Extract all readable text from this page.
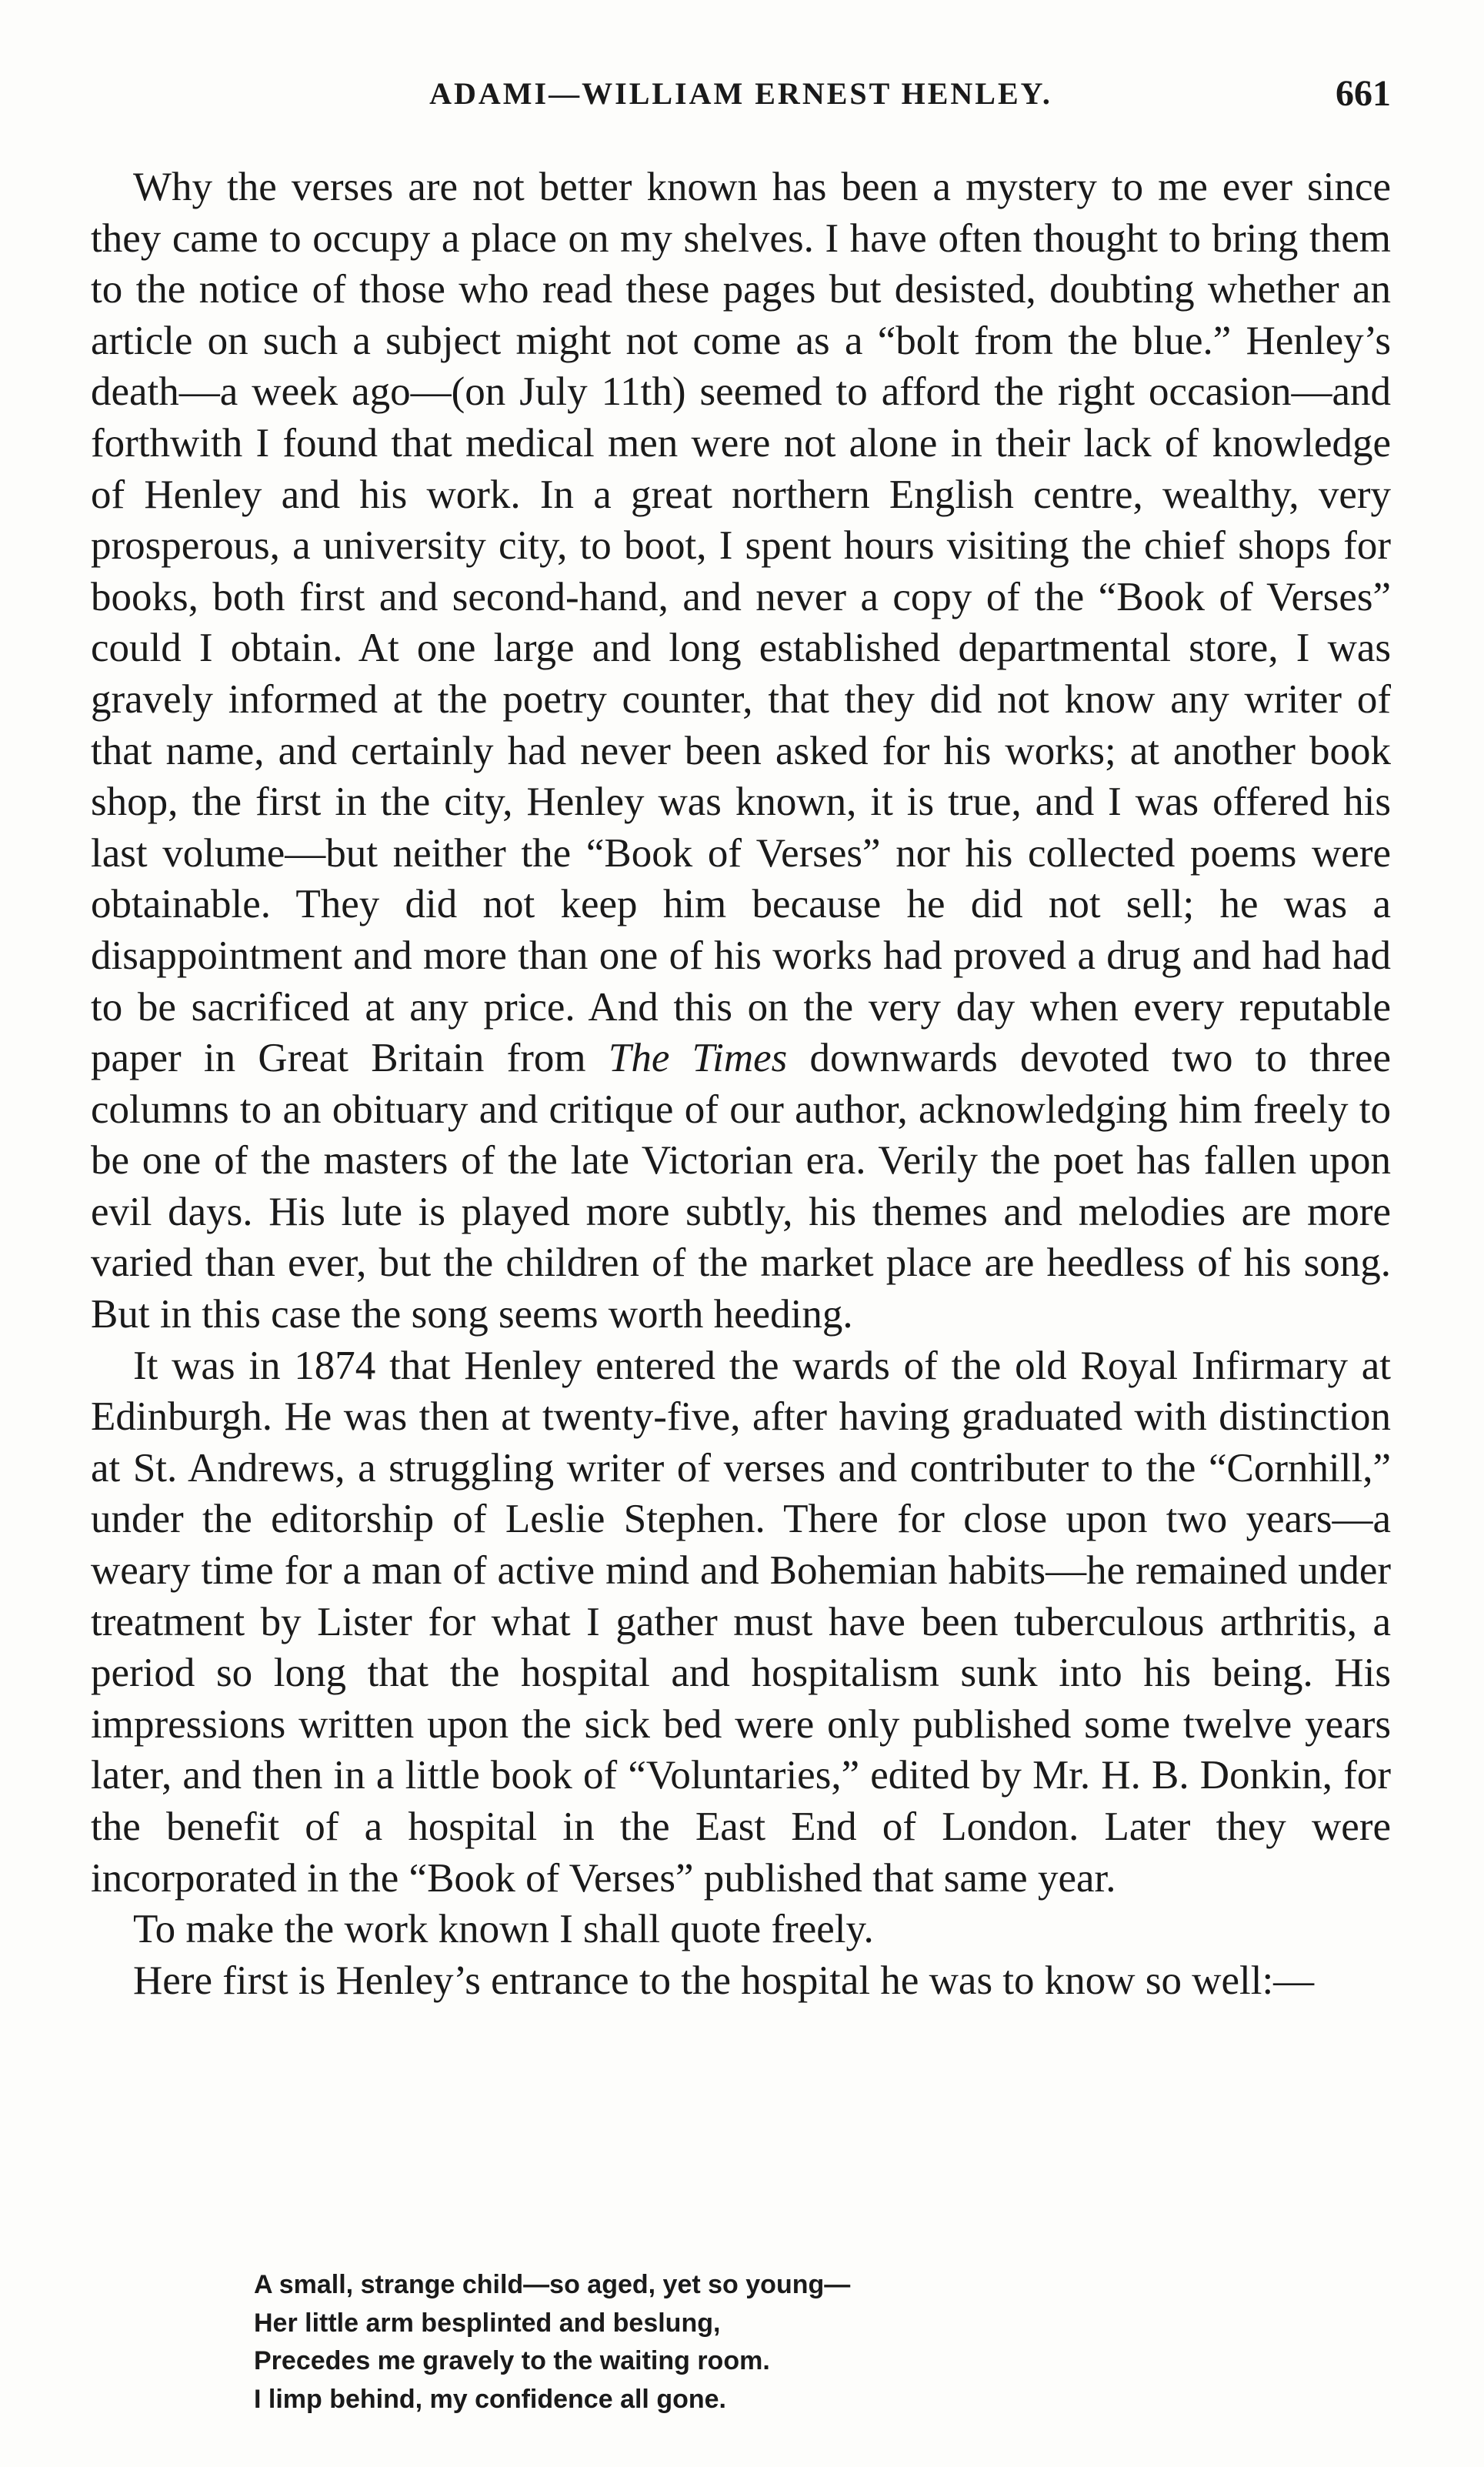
ADAMI—WILLIAM ERNEST HENLEY.	661

Why the verses are not better known has been a mystery to me ever since they came to occupy a place on my shelves. I have often thought to bring them to the notice of those who read these pages but desisted, doubting whether an article on such a subject might not come as a “bolt from the blue.” Henley’s death—a week ago—(on July 11th) seemed to afford the right occasion—and forthwith I found that medical men were not alone in their lack of knowledge of Henley and his work. In a great northern English centre, wealthy, very prosperous, a university city, to boot, I spent hours visiting the chief shops for books, both first and second-hand, and never a copy of the “Book of Verses” could I obtain. At one large and long established departmental store, I was gravely informed at the poetry counter, that they did not know any writer of that name, and certainly had never been asked for his works; at another book shop, the first in the city, Henley was known, it is true, and I was offered his last volume—but neither the “Book of Verses” nor his collected poems were obtainable. They did not keep him because he did not sell; he was a disappointment and more than one of his works had proved a drug and had had to be sacrificed at any price. And this on the very day when every reputable paper in Great Britain from The Times downwards devoted two to three columns to an obituary and critique of our author, acknowledging him freely to be one of the masters of the late Victorian era. Verily the poet has fallen upon evil days. His lute is played more subtly, his themes and melodies are more varied than ever, but the children of the market place are heedless of his song. But in this case the song seems worth heeding.

It was in 1874 that Henley entered the wards of the old Royal Infirmary at Edinburgh. He was then at twenty-five, after having graduated with distinction at St. Andrews, a struggling writer of verses and contributer to the “Cornhill,” under the editorship of Leslie Stephen. There for close upon two years—a weary time for a man of active mind and Bohemian habits—he remained under treatment by Lister for what I gather must have been tuberculous arthritis, a period so long that the hospital and hospitalism sunk into his being. His impressions written upon the sick bed were only published some twelve years later, and then in a little book of “Voluntaries,” edited by Mr. H. B. Donkin, for the benefit of a hospital in the East End of London. Later they were incorporated in the “Book of Verses” published that same year.

To make the work known I shall quote freely.

Here first is Henley’s entrance to the hospital he was to know so well:—

A small, strange child—so aged, yet so young—
Her little arm besplinted and beslung,
Precedes me gravely to the waiting room.
I limp behind, my confidence all gone.
